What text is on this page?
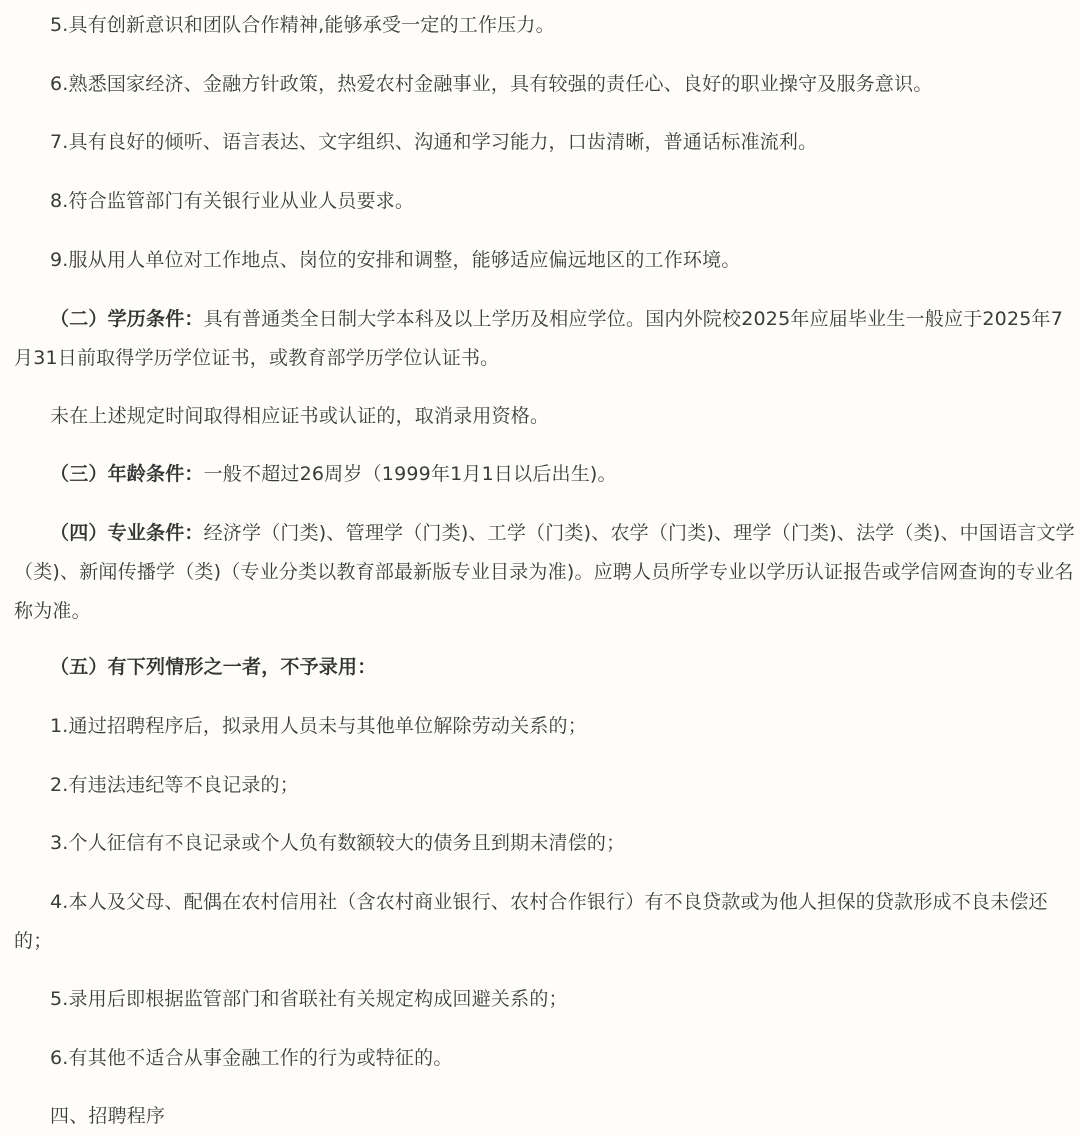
5.具有创新意识和团队合作精神,能够承受一定的工作压力。

6.熟悉国家经济、金融方针政策，热爱农村金融事业，具有较强的责任心、良好的职业操守及服务意识。

7.具有良好的倾听、语言表达、文字组织、沟通和学习能力，口齿清晰，普通话标准流利。

8.符合监管部门有关银行业从业人员要求。

9.服从用人单位对工作地点、岗位的安排和调整，能够适应偏远地区的工作环境。

（二）学历条件：具有普通类全日制大学本科及以上学历及相应学位。国内外院校2025年应届毕业生一般应于2025年7月31日前取得学历学位证书，或教育部学历学位认证书。

未在上述规定时间取得相应证书或认证的，取消录用资格。

（三）年龄条件：一般不超过26周岁（1999年1月1日以后出生)。

（四）专业条件：经济学（门类)、管理学（门类)、工学（门类)、农学（门类)、理学（门类)、法学（类)、中国语言文学（类)、新闻传播学（类)（专业分类以教育部最新版专业目录为准)。应聘人员所学专业以学历认证报告或学信网查询的专业名称为准。

（五）有下列情形之一者，不予录用：

1.通过招聘程序后，拟录用人员未与其他单位解除劳动关系的；

2.有违法违纪等不良记录的；

3.个人征信有不良记录或个人负有数额较大的债务且到期未清偿的；

4.本人及父母、配偶在农村信用社（含农村商业银行、农村合作银行）有不良贷款或为他人担保的贷款形成不良未偿还的；

5.录用后即根据监管部门和省联社有关规定构成回避关系的；

6.有其他不适合从事金融工作的行为或特征的。

四、招聘程序
